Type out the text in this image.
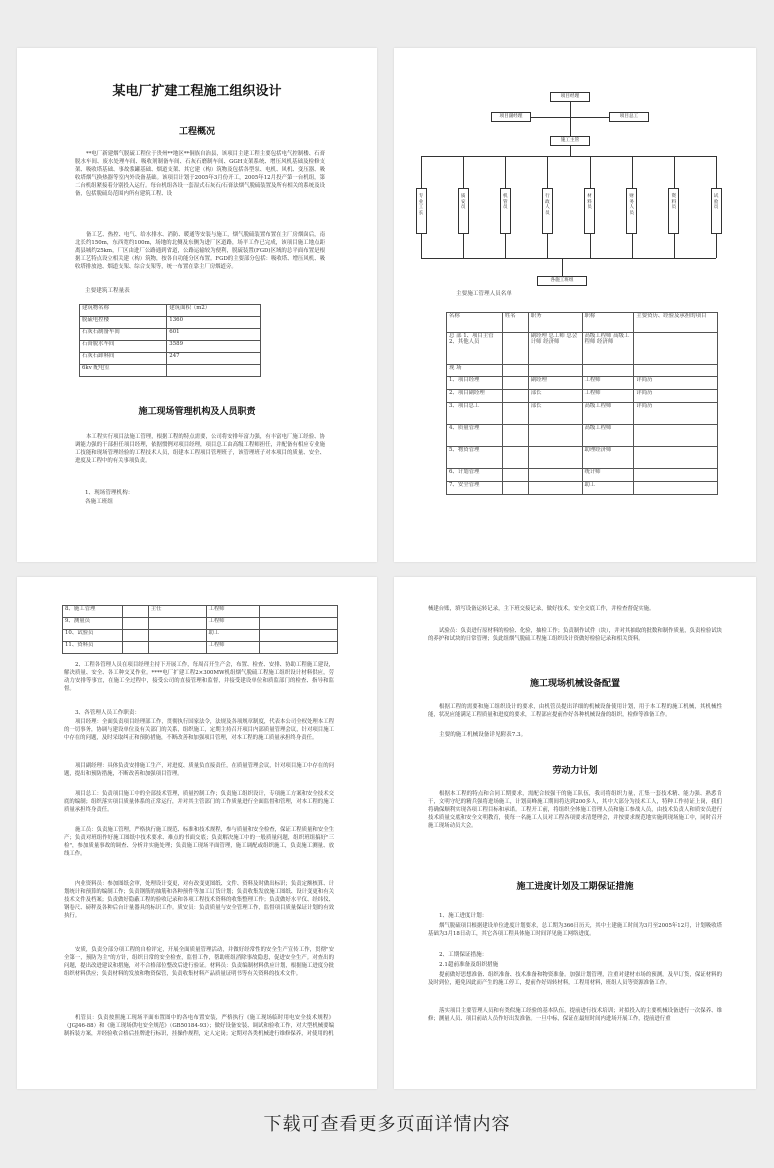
某电厂扩建工程施工组织设计
工程概况
**电厂新建烟气脱硫工程位于贵州**地区**侗族自治县，该项目主建工程主要包括电气控制楼、石膏脱水车间、废水处理车间、吸收剂制备车间、石灰石磨制车间、GGH支架系统、增压风机基础及检修支架、吸收塔基础、事故浆罐基础、烟道支架、其它建（构）筑物及包括各型泵、电机、风机、变压器、吸收塔烟气换热器等室内外设备基础。该项目计划于2005年3月份开工，2005年12月投产第一台机组，第二台机组紧接着分别投入运行。每台机组各设一套湿式石灰石/石膏法烟气脱硫装置及所有相关的系统及设备，包括脱硫岛范围内所有建筑工程、设
备工艺、热控、电气、给水排水、消防、暖通等安装与施工，烟气脱硫装置布置在主厂房烟囱后，南北长约150m，东西宽约100m，场地的北侧及东侧为进厂区道路，场平工作已完成，该项目施工地点距离县城约25km，厂区由进厂公路通到省道，公路运输较为便利，脱硫装置(FGD)区域的总平面布置是根据工艺特点设立相关建（构）筑物，按各自功能分区布置。FGD的主要部分包括：吸收塔、增压风机、吸收塔排放池、烟道支架、综合支架等，统一布置在靠主厂房烟道旁。
主要建筑工程量表
建筑物名称	建筑面积（m2）
脱硫电控楼	1360
石灰石制备车间	601
石膏脱水车间	3589
石灰石卸料间	247
6kv 配电室	
施工现场管理机构及人员职责
本工程实行项目法施工管理，根据工程的特点需要，公司将安排年富力强，有丰富电厂施工经验、协调能力强的干部担任项目经理，依据惯例对项目经理，项目总工由高级工程师担任，并配备有相应专业施工技能和现场管理经验的工程技术人员，组建本工程项目管理班子，该管理班子对本项目的质量、安全、进度及工程中的有关事项负责。
1、现场管理机构：
各施工班组
项目经理
项目副经理	项目总工
施工主管
专业工长
质安员
机管员
行政人员
材料员
财务人员
资料员
试验员
各施工班组
主要施工管理人员名单
名称	姓名	职务	职称	主要资历、经验及承担的项目
总 部 1、项目主管 2、其他人员		副经理 总工师 总会计师 经济师	高级工程师 高级工程师 经济师	
现 场				
1、项目经理		副经理	工程师	详简历
2、项目副经理		部长	工程师	详简历
3、项目总工		部长	高级工程师	详简历
4、质量管理			高级工程师	
5、物资管理			助理经济师	
6、计划管理			统计师	
7、安全管理			助工	
8、施工管理		主任	工程师	
9、测量员			工程师	
10、试验员			助工	
11、资料员			工程师	
2、工程各管理人员在项目经理主持下开展工作，每周召开生产会，布置、检查、安排、协助工程施工建设，解决质量、安全、各工种交叉作业。****电厂扩建工程2×300MW机组烟气脱硫工程施工组织设计材料供应，劳动力安排等事宜，在施工全过程中，接受公司的直接管理和监督，并接受建设单位和质监部门的检查、指导和监督。
3、各管理人员工作职责：
项目经理：全面负责项目经理部工作，贯彻执行国家法令，法规及各项规章制度，代表本公司全权处理本工程的一切事务，协调与建设单位及有关部门的关系，组织施工，定期主持召开项目内部质量管理会议，针对项目施工中存在的问题，及时采取纠正和预防措施，不断改善和加强项目管理，对本工程的施工质量承担终身责任。
项目副经理：具体负责安排施工生产，对进度、质量负直接责任，在质量管理会议，针对项目施工中存在的问题，提出和预防措施，不断改善和加强项目管理。
项目总工：负责项目施工中的全部技术管理，质量控制工作；负责施工组织设计，专项施工方案和安全技术交底的编制；组织落实项目质量体系的正常运行，并对其主管部门的工作质量进行全面监督和管理，对本工程的施工质量承担终身责任。
施工员：负责施工管理，严格执行施工规范、标准和技术规程，参与质量和安全检查，保证工程质量和安全生产；负责对班组作好施工图纸中技术要求、难点的书面交底；负责解决施工中的一般质量问题，组织班组搞好"三检"，参加质量事故的调查、分析并实施处理；负责施工现场平面管理，施工调配或组织施工，负责施工测量、放线工作。
内业资料员：参加图纸会审，处理设计变更，对有改变更图纸、文件、资料及时做出标识；负责定额核算、计划统计和预算的编制工作；负责钢筋的抽筋和各种预件等加工订货计划；负责收集发放施工图纸、设计变更和有关技术文件及档案；负责做好隐蔽工程的验收记录和各项工程技术资料的收集整理工作；负责做好水平仪、经纬仪、钢卷尺、磅秤及各种后台计量器具的标识工作。质安员：负责质量与安全管理工作，监督项目质量保证计划的有效执行。
安质，负责分部分项工程的自检评定，开展全面质量管理活动，并做好经常性的安全生产宣传工作，贯彻"安全第一，预防为主"的方针，组织日常的安全检查，监督工作，帮助班组消除事故隐患，促进安全生产。对查出的问题，提出改进建议和措施，对不合格部位整改后进行验证。材料员：负责编制材料供应计划，根据施工进度分批组织材料供应；负责材料的发放和物资保管，负责收集材料产品质量证明书等有关资料的技术文件。
机管员：负责按照施工现场平面布置图中的各电布置安装，严格执行《施工现场临时用电安全技术规程》（JGJ46-88）和《施工现场供电安全规范》（GB50184-93）；做好设备安装、调试和验收工作，对大型机械要编制拆装方案，并经验收合格后挂牌进行标识，挂操作规程，定人定岗；定期对各类机械进行维修保养，对使用的机
械建台账，填写设备运转记录，主下班交接记录，做好技术，安全交底工作，并检查督促实施。
试验员：负责进行原材料的检验、化验，抽检工作；负责制作试件（块），并对其抽取的批数和制作质量，负责检验试块的养护和试块的日常管理；负此组烟气脱硫工程施工组织设计资做好检验记录和相关资料。
施工现场机械设备配置
根据工程的需要和施工组织设计的要求，由机管员提出详细的机械设备使用计划，用于本工程的施工机械，其机械性能，状况应能满足工程质量和进度的要求，工程部应提前作好各种机械设备的组织，检修等准备工作。
主要的施工机械设备详见附表7.3。
劳动力计划
根据本工程的特点和合同工期要求，需配合较强干的施工队伍，我司将组织力量，汇集一套技术精、能力强、熟悉肯干，文明守纪的精兵强将进场施工，计划高峰施工期间将达到200多人，其中大部分为技术工人，特种工作持证上岗，我们将确保顺利实现各项工程目标和承诺。工程开工前，将组织全体施工管理人员和施工参战人员，由技术负责人和质安员进行技术质量交底和安全文明教育，使每一名施工人员对工程各项要求清楚理会，并按要求规范地实施到现场施工中，同时召开施工现场动员大会。
施工进度计划及工期保证措施
1、施工进度计划：
烟气脱硫项目根据建设单位进度计划要求，总工期为366日历天，其中土建施工时间为3月至2005年12月，计划吸收塔基础为3月18日动工，其它各项工程具体施工时间详见施工网络进度。
2、工期保证措施：
2.1超前准备及组织措施
提前做好思想准备、组织准备、技术准备和物资准备。加强计划管理，注重对建材市场的预测，及早订货，保证材料的及时到位，避免因此而产生的施工停工，提前作好周转材料，工程用材料，班组人员等资源准备工作。
落实项目主要管理人员和有类似施工经验的基本队伍，提前进行技术培训；对拟投入的主要机械设备进行一次保养、维修；测量人员、项目前站人员作好出发准备。一旦中标，保证在最短时间内进场开展工作，提前进行重
下载可查看更多页面详情内容
